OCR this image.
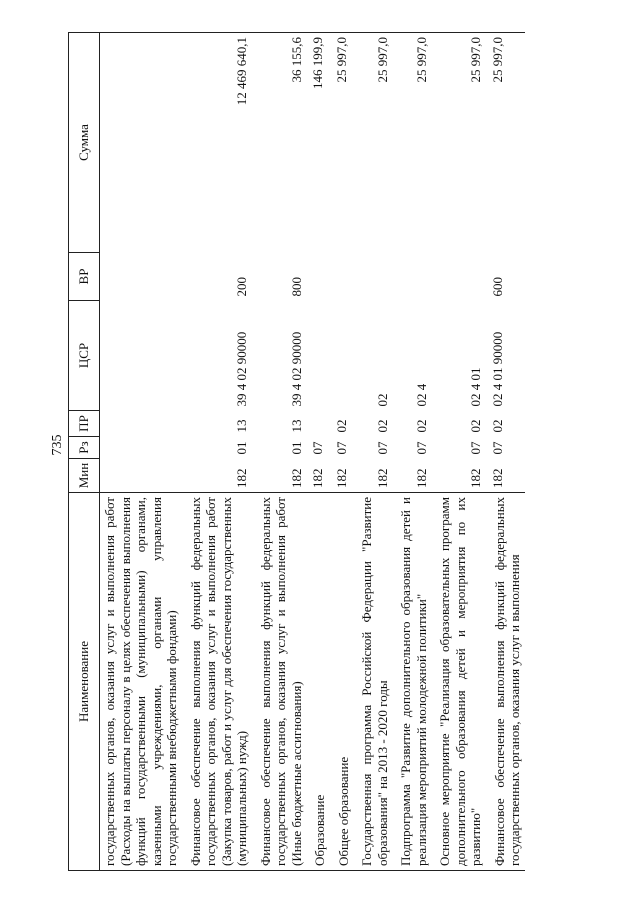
735
Наименование	Мин	Рз	ПР	ЦСР	ВР	Сумма
государственных органов, оказания услуг и выполнения работ (Расходы на выплаты персоналу в целях обеспечения выполнения функций государственными (муниципальными) органами, казенными учреждениями, органами управления государственными внебюджетными фондами)						
Финансовое обеспечение выполнения функций федеральных государственных органов, оказания услуг и выполнения работ (Закупка товаров, работ и услуг для обеспечения государственных (муниципальных) нужд)	182	01	13	39 4 02 90000	200	12 469 640,1
Финансовое обеспечение выполнения функций федеральных государственных органов, оказания услуг и выполнения работ (Иные бюджетные ассигнования)	182	01	13	39 4 02 90000	800	36 155,6
Образование	182	07				146 199,9
Общее образование	182	07	02			25 997,0
Государственная программа Российской Федерации "Развитие образования" на 2013 - 2020 годы	182	07	02	02		25 997,0
Подпрограмма "Развитие дополнительного образования детей и реализация мероприятий молодежной политики"	182	07	02	02 4		25 997,0
Основное мероприятие "Реализация образовательных программ дополнительного образования детей и мероприятия по их развитию"	182	07	02	02 4 01		25 997,0
Финансовое обеспечение выполнения функций федеральных государственных органов, оказания услуг и выполнения	182	07	02	02 4 01 90000	600	25 997,0
